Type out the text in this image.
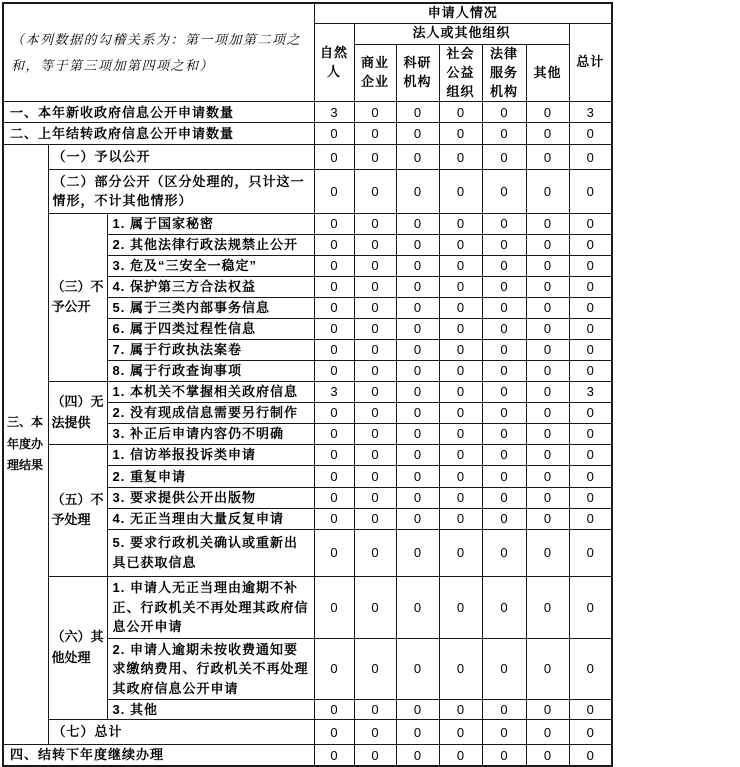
（本列数据的勾稽关系为：第一项加第二项之和，等于第三项加第四项之和）			申请人情况						
			自然人	法人或其他组织					总计
				商业企业	科研机构	社会公益组织	法律服务机构	其他	
一、本年新收政府信息公开申请数量			3	0	0	0	0	0	3
二、上年结转政府信息公开申请数量			0	0	0	0	0	0	0
三、本年度办理结果	（一）予以公开		0	0	0	0	0	0	0
	（二）部分公开（区分处理的，只计这一情形，不计其他情形）		0	0	0	0	0	0	0
	（三）不予公开	1. 属于国家秘密	0	0	0	0	0	0	0
		2. 其他法律行政法规禁止公开	0	0	0	0	0	0	0
		3. 危及“三安全一稳定”	0	0	0	0	0	0	0
		4. 保护第三方合法权益	0	0	0	0	0	0	0
		5. 属于三类内部事务信息	0	0	0	0	0	0	0
		6. 属于四类过程性信息	0	0	0	0	0	0	0
		7. 属于行政执法案卷	0	0	0	0	0	0	0
		8. 属于行政查询事项	0	0	0	0	0	0	0
	（四）无法提供	1. 本机关不掌握相关政府信息	3	0	0	0	0	0	3
		2. 没有现成信息需要另行制作	0	0	0	0	0	0	0
		3. 补正后申请内容仍不明确	0	0	0	0	0	0	0
	（五）不予处理	1. 信访举报投诉类申请	0	0	0	0	0	0	0
		2. 重复申请	0	0	0	0	0	0	0
		3. 要求提供公开出版物	0	0	0	0	0	0	0
		4. 无正当理由大量反复申请	0	0	0	0	0	0	0
		5. 要求行政机关确认或重新出具已获取信息	0	0	0	0	0	0	0
	（六）其他处理	1. 申请人无正当理由逾期不补正、行政机关不再处理其政府信息公开申请	0	0	0	0	0	0	0
		2. 申请人逾期未按收费通知要求缴纳费用、行政机关不再处理其政府信息公开申请	0	0	0	0	0	0	0
		3. 其他	0	0	0	0	0	0	0
	（七）总计		0	0	0	0	0	0	0
四、结转下年度继续办理			0	0	0	0	0	0	0
